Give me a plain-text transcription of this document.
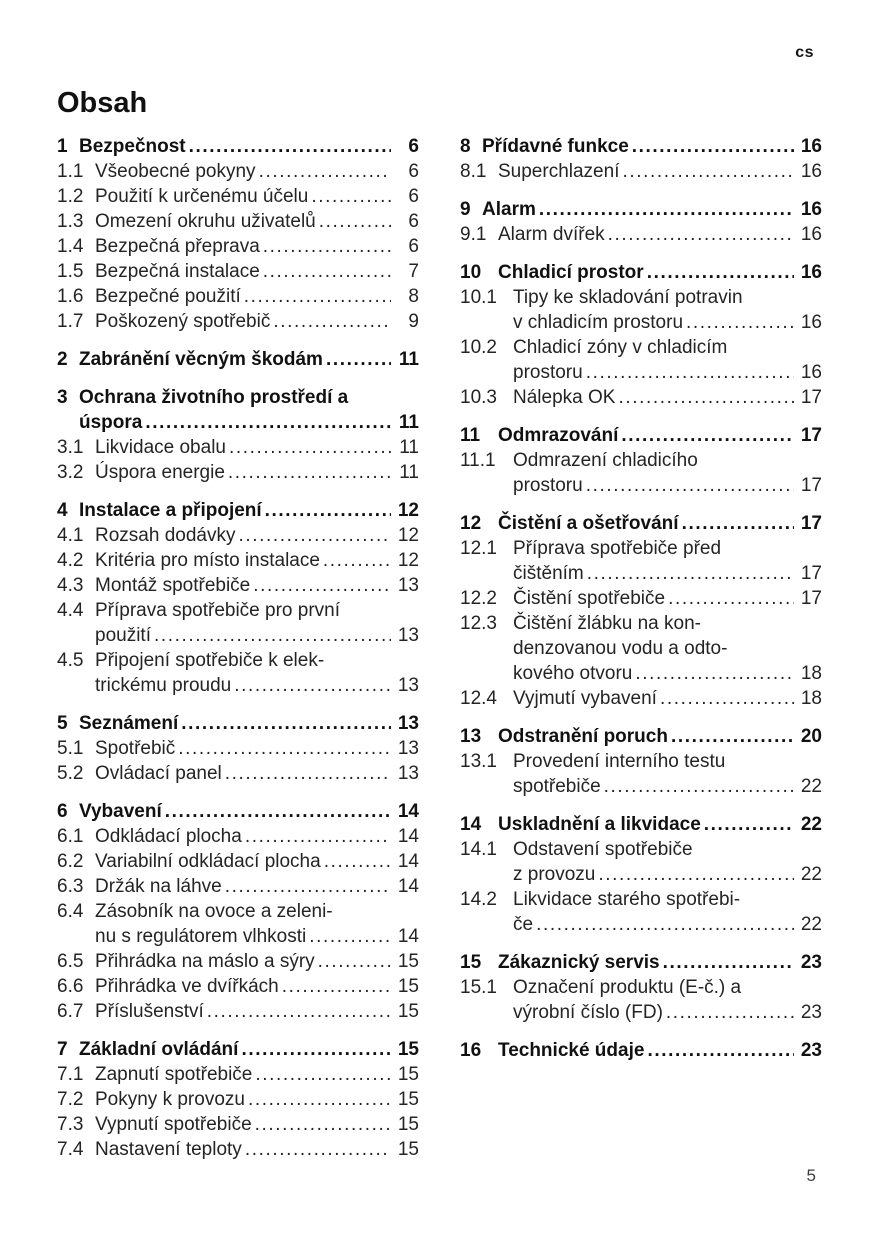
cs
Obsah
1 Bezpečnost .....	6
1.1 Všeobecné pokyny .....	6
1.2 Použití k určenému účelu .....	6
1.3 Omezení okruhu uživatelů .....	6
1.4 Bezpečná přeprava .....	6
1.5 Bezpečná instalace .....	7
1.6 Bezpečné použití .....	8
1.7 Poškozený spotřebič .....	9
2 Zabránění věcným škodám .....	11
3 Ochrana životního prostředí a
úspora .....	11
3.1 Likvidace obalu .....	11
3.2 Úspora energie .....	11
4 Instalace a připojení .....	12
4.1 Rozsah dodávky .....	12
4.2 Kritéria pro místo instalace .....	12
4.3 Montáž spotřebiče .....	13
4.4 Příprava spotřebiče pro první
použití .....	13
4.5 Připojení spotřebiče k elek-
trickému proudu .....	13
5 Seznámení .....	13
5.1 Spotřebič .....	13
5.2 Ovládací panel .....	13
6 Vybavení .....	14
6.1 Odkládací plocha .....	14
6.2 Variabilní odkládací plocha .....	14
6.3 Držák na láhve .....	14
6.4 Zásobník na ovoce a zeleni-
nu s regulátorem vlhkosti .....	14
6.5 Přihrádka na máslo a sýry .....	15
6.6 Přihrádka ve dvířkách .....	15
6.7 Příslušenství .....	15
7 Základní ovládání .....	15
7.1 Zapnutí spotřebiče .....	15
7.2 Pokyny k provozu .....	15
7.3 Vypnutí spotřebiče .....	15
7.4 Nastavení teploty .....	15
8 Přídavné funkce .....	16
8.1 Superchlazení .....	16
9 Alarm .....	16
9.1 Alarm dvířek .....	16
10 Chladicí prostor .....	16
10.1 Tipy ke skladování potravin
v chladicím prostoru .....	16
10.2 Chladicí zóny v chladicím
prostoru .....	16
10.3 Nálepka OK .....	17
11 Odmrazování .....	17
11.1 Odmrazení chladicího
prostoru .....	17
12 Čistění a ošetřování .....	17
12.1 Příprava spotřebiče před
čištěním .....	17
12.2 Čistění spotřebiče .....	17
12.3 Čištění žlábku na kon-
denzovanou vodu a odto-
kového otvoru .....	18
12.4 Vyjmutí vybavení .....	18
13 Odstranění poruch .....	20
13.1 Provedení interního testu
spotřebiče .....	22
14 Uskladnění a likvidace .....	22
14.1 Odstavení spotřebiče
z provozu .....	22
14.2 Likvidace starého spotřebi-
če .....	22
15 Zákaznický servis .....	23
15.1 Označení produktu (E-č.) a
výrobní číslo (FD) .....	23
16 Technické údaje .....	23
5
